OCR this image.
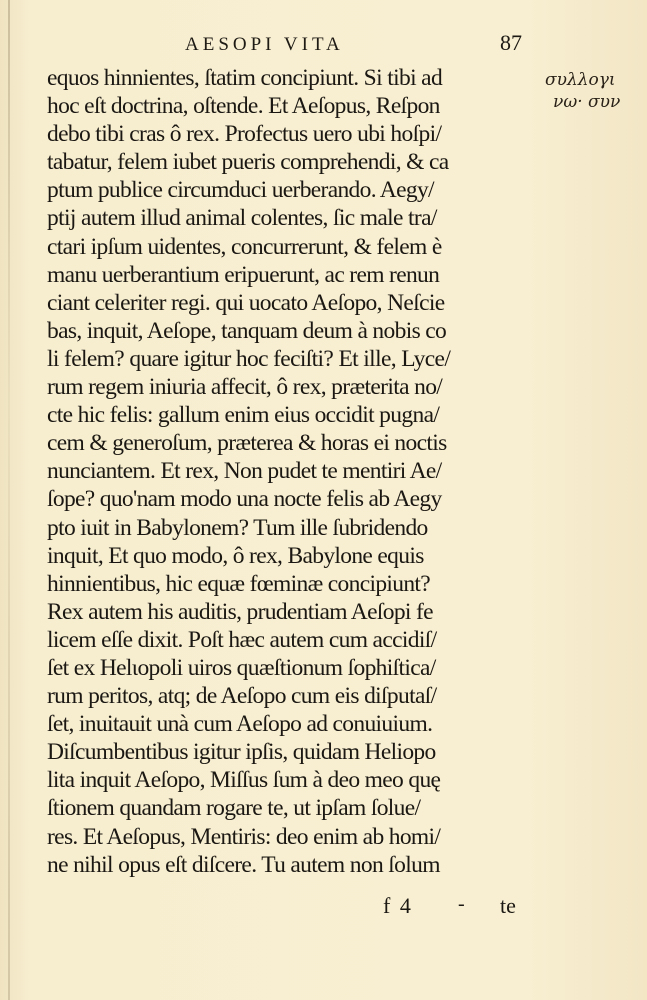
AESOPI VITA	87
equos hinnientes, ſtatim concipiunt. Si tibi ad
hoc eſt doctrina, oſtende. Et Aeſopus, Reſpon
debo tibi cras ô rex. Profectus uero ubi hoſpi/
tabatur, felem iubet pueris comprehendi, & ca
ptum publice circumduci uerberando. Aegy/
ptij autem illud animal colentes, ſic male tra/
ctari ipſum uidentes, concurrerunt, & felem è
manu uerberantium eripuerunt, ac rem renun
ciant celeriter regi. qui uocato Aeſopo, Neſcie
bas, inquit, Aeſope, tanquam deum à nobis co
li felem? quare igitur hoc feciſti? Et ille, Lyce/
rum regem iniuria affecit, ô rex, præterita no/
cte hic felis: gallum enim eius occidit pugna/
cem & generoſum, præterea & horas ei noctis
nunciantem. Et rex, Non pudet te mentiri Ae/
ſope? quo'nam modo una nocte felis ab Aegy
pto iuit in Babylonem? Tum ille ſubridendo
inquit, Et quo modo, ô rex, Babylone equis
hinnientibus, hic equæ fœminæ concipiunt?
Rex autem his auditis, prudentiam Aeſopi fe
licem eſſe dixit. Poſt hæc autem cum accidiſ/
ſet ex Helιopoli uiros quæſtionum ſophiſtica/
rum peritos, atq; de Aeſopo cum eis diſputaſ/
ſet, inuitauit unà cum Aeſopo ad conuiuium.
Diſcumbentibus igitur ipſis, quidam Heliopo
lita inquit Aeſopo, Miſſus ſum à deo meo quę
ſtionem quandam rogare te, ut ipſam ſolue/
res. Et Aeſopus, Mentiris: deo enim ab homi/
ne nihil opus eſt diſcere. Tu autem non ſolum
συλλογι
νω· συν
f 4 - te
